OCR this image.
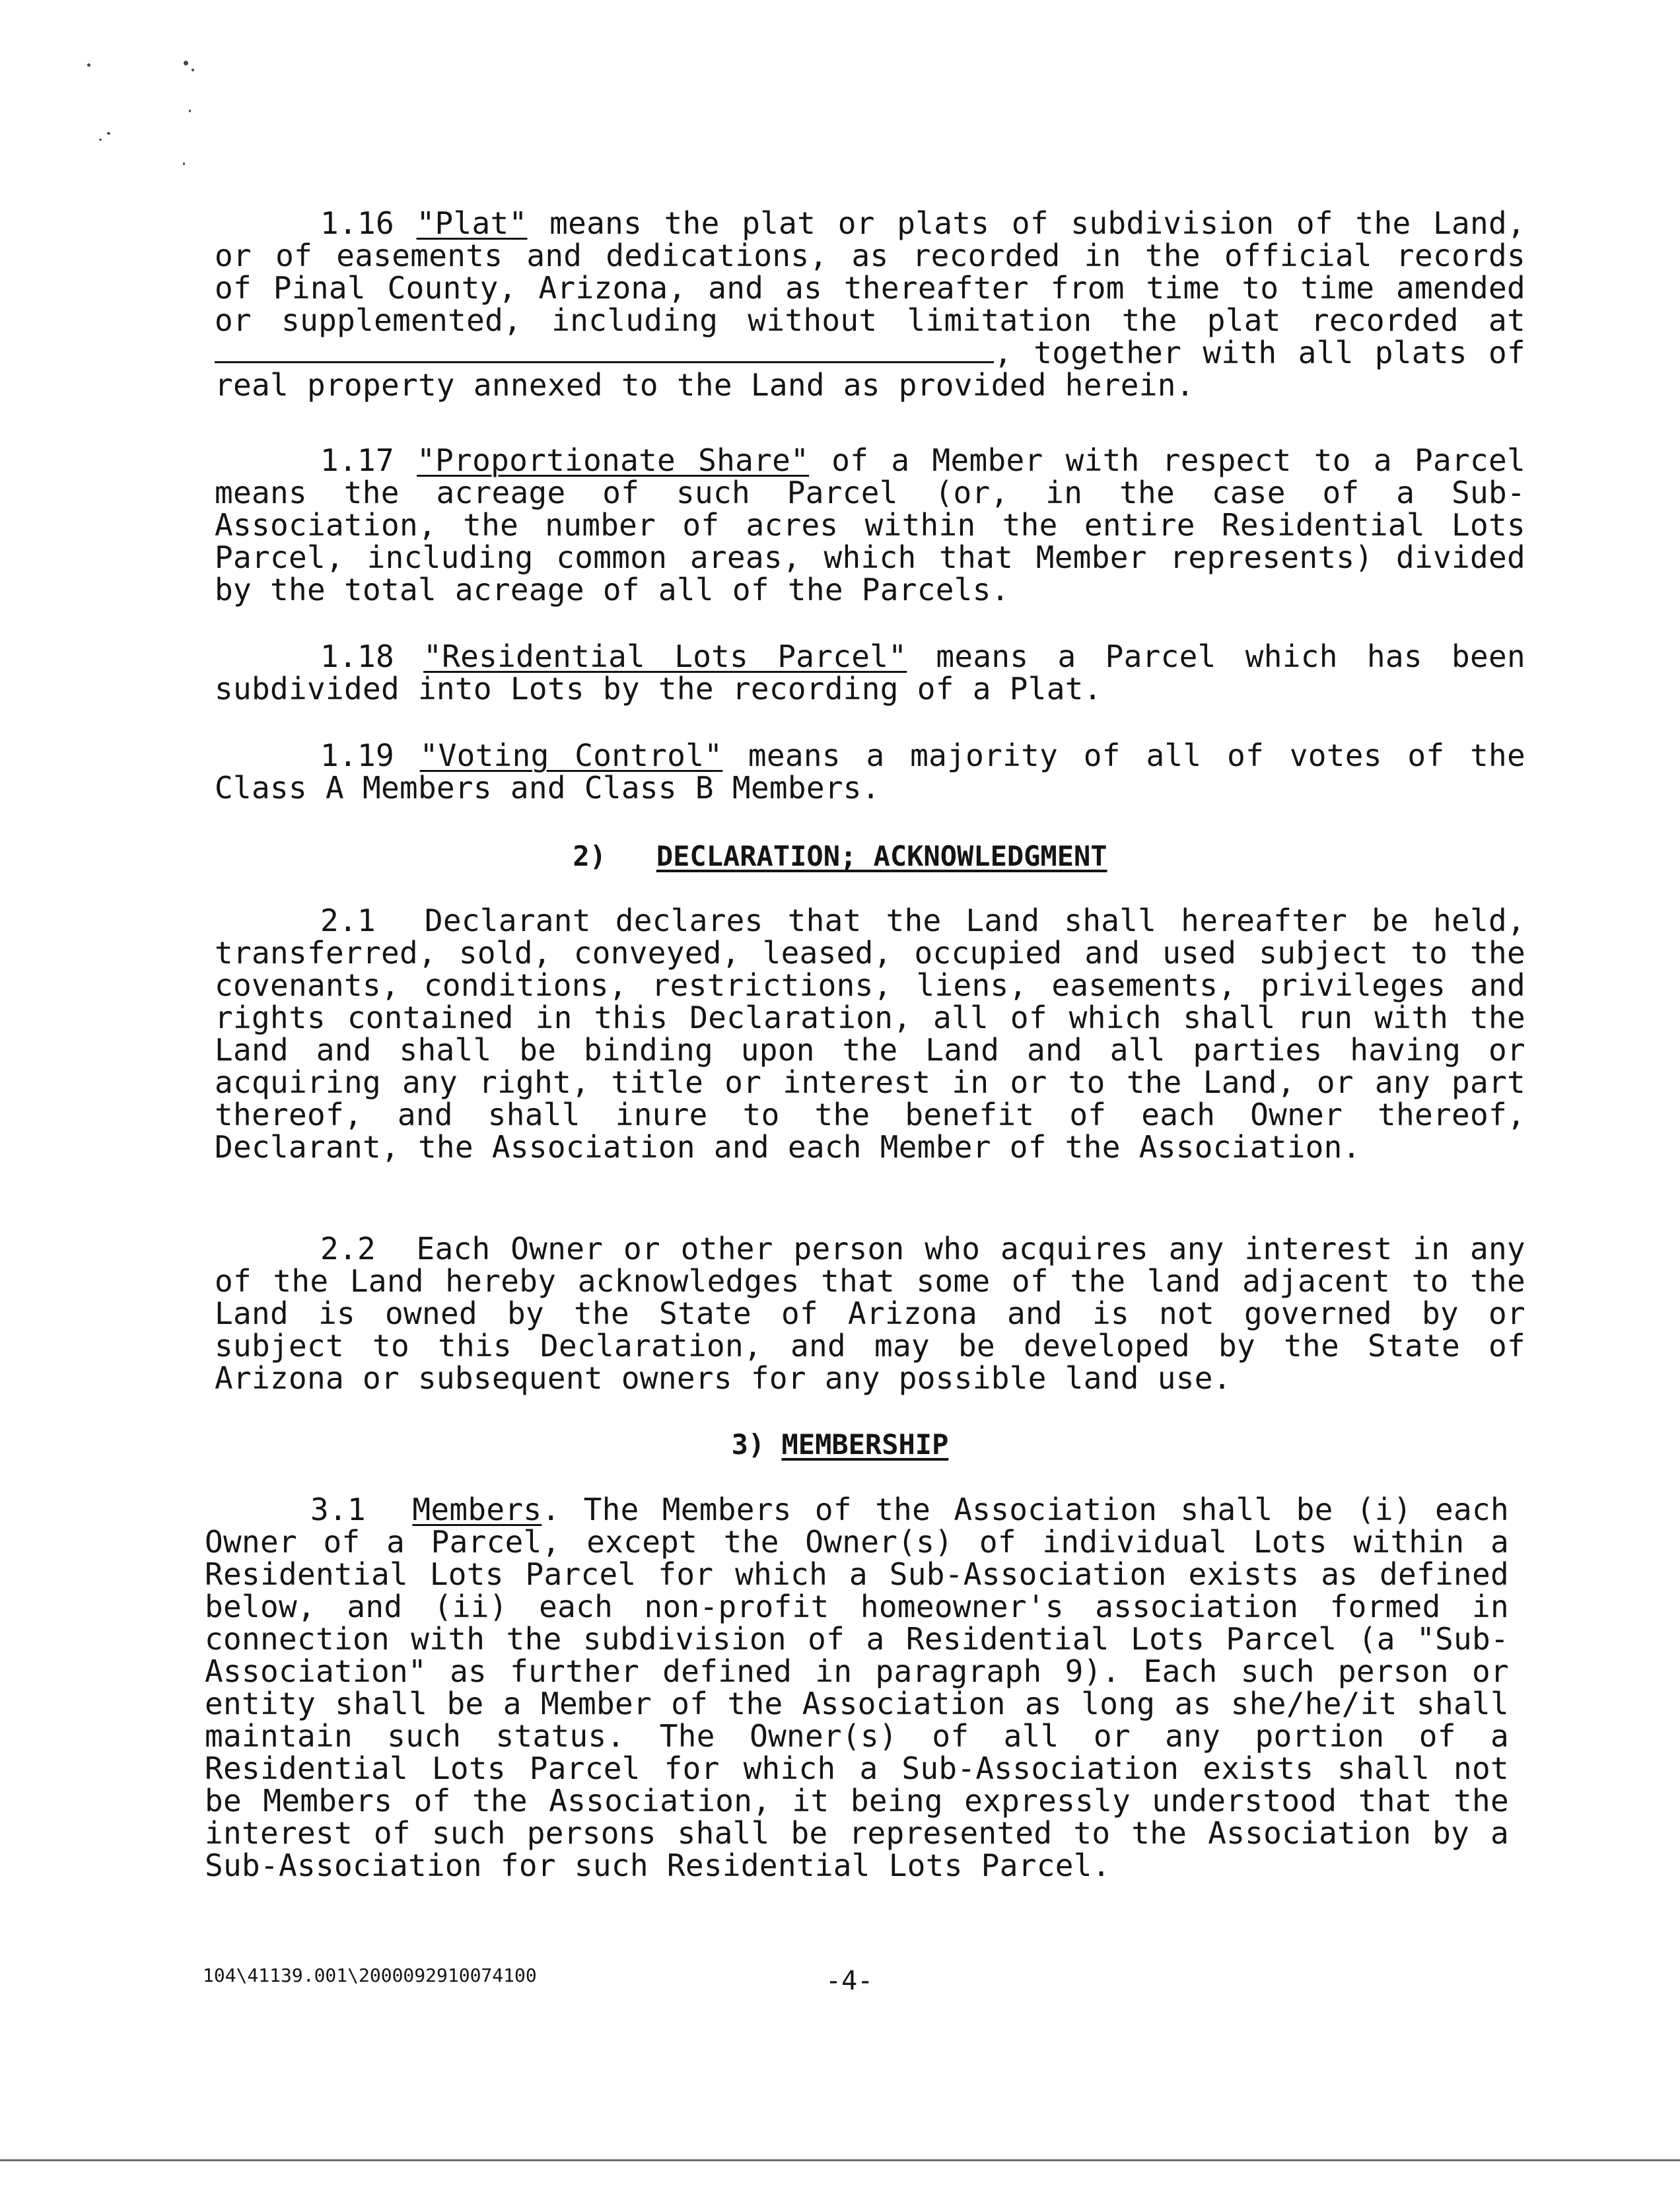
1.16 "Plat" means the plat or plats of subdivision of the Land, or of easements and dedications, as recorded in the official records of Pinal County, Arizona, and as thereafter from time to time amended or supplemented, including without limitation the plat recorded at , together with all plats of real property annexed to the Land as provided herein.

1.17 "Proportionate Share" of a Member with respect to a Parcel means the acreage of such Parcel (or, in the case of a Sub-Association, the number of acres within the entire Residential Lots Parcel, including common areas, which that Member represents) divided by the total acreage of all of the Parcels.

1.18 "Residential Lots Parcel" means a Parcel which has been subdivided into Lots by the recording of a Plat.

1.19 "Voting Control" means a majority of all of votes of the Class A Members and Class B Members.

2) DECLARATION; ACKNOWLEDGMENT

2.1 Declarant declares that the Land shall hereafter be held, transferred, sold, conveyed, leased, occupied and used subject to the covenants, conditions, restrictions, liens, easements, privileges and rights contained in this Declaration, all of which shall run with the Land and shall be binding upon the Land and all parties having or acquiring any right, title or interest in or to the Land, or any part thereof, and shall inure to the benefit of each Owner thereof, Declarant, the Association and each Member of the Association.

2.2 Each Owner or other person who acquires any interest in any of the Land hereby acknowledges that some of the land adjacent to the Land is owned by the State of Arizona and is not governed by or subject to this Declaration, and may be developed by the State of Arizona or subsequent owners for any possible land use.

3) MEMBERSHIP

3.1 Members. The Members of the Association shall be (i) each Owner of a Parcel, except the Owner(s) of individual Lots within a Residential Lots Parcel for which a Sub-Association exists as defined below, and (ii) each non-profit homeowner's association formed in connection with the subdivision of a Residential Lots Parcel (a "Sub-Association" as further defined in paragraph 9). Each such person or entity shall be a Member of the Association as long as she/he/it shall maintain such status. The Owner(s) of all or any portion of a Residential Lots Parcel for which a Sub-Association exists shall not be Members of the Association, it being expressly understood that the interest of such persons shall be represented to the Association by a Sub-Association for such Residential Lots Parcel.

104\41139.001\2000092910074100	-4-
